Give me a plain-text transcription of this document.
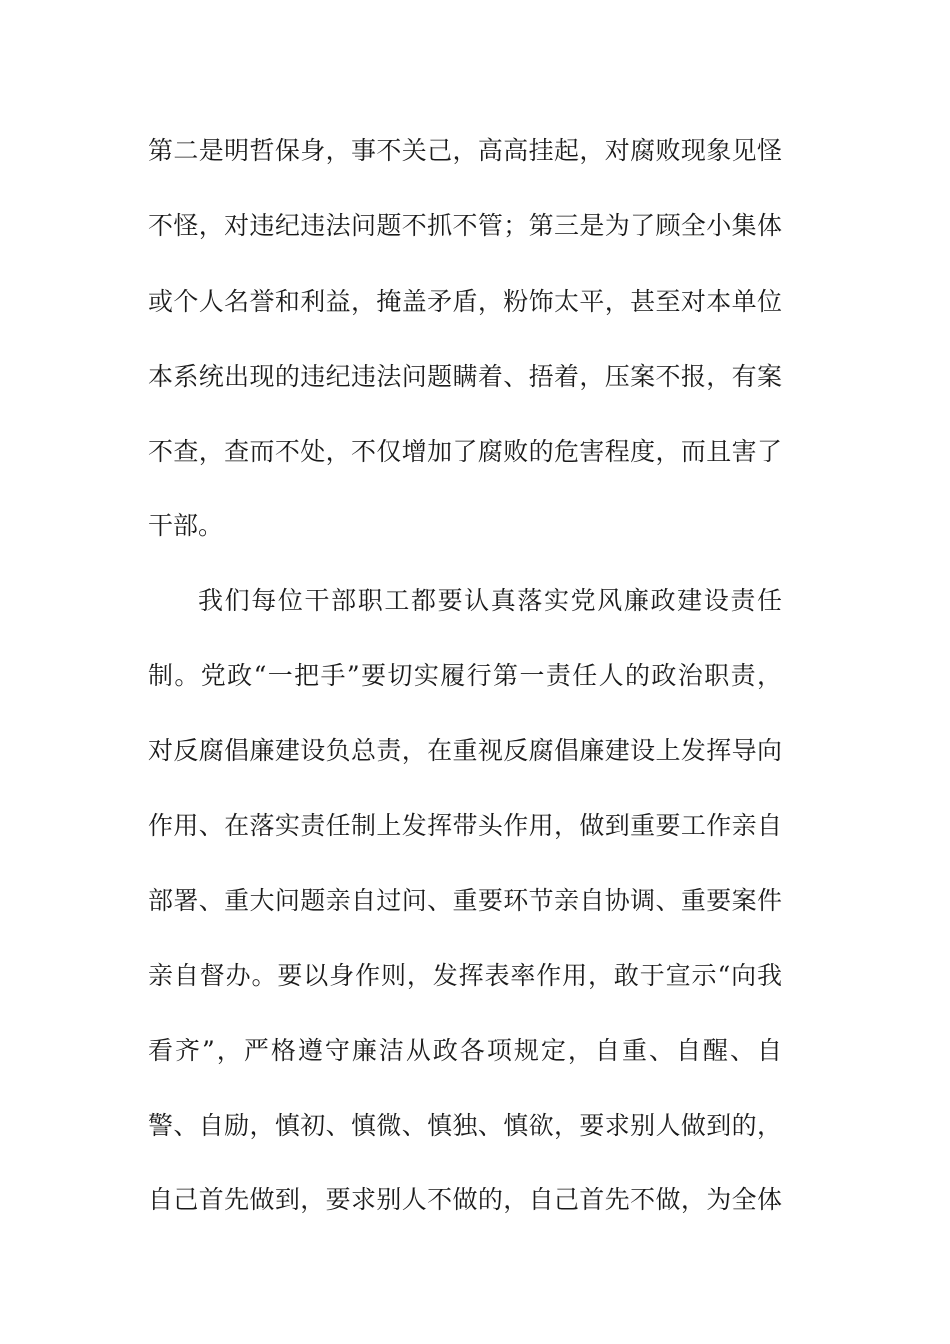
第二是明哲保身，事不关己，高高挂起，对腐败现象见怪
不怪，对违纪违法问题不抓不管；第三是为了顾全小集体
或个人名誉和利益，掩盖矛盾，粉饰太平，甚至对本单位
本系统出现的违纪违法问题瞒着、捂着，压案不报，有案
不查，查而不处，不仅增加了腐败的危害程度，而且害了
干部。
我们每位干部职工都要认真落实党风廉政建设责任
制。党政“一把手”要切实履行第一责任人的政治职责，
对反腐倡廉建设负总责，在重视反腐倡廉建设上发挥导向
作用、在落实责任制上发挥带头作用，做到重要工作亲自
部署、重大问题亲自过问、重要环节亲自协调、重要案件
亲自督办。要以身作则，发挥表率作用，敢于宣示“向我
看齐”，严格遵守廉洁从政各项规定，自重、自醒、自
警、自励，慎初、慎微、慎独、慎欲，要求别人做到的，
自己首先做到，要求别人不做的，自己首先不做，为全体
